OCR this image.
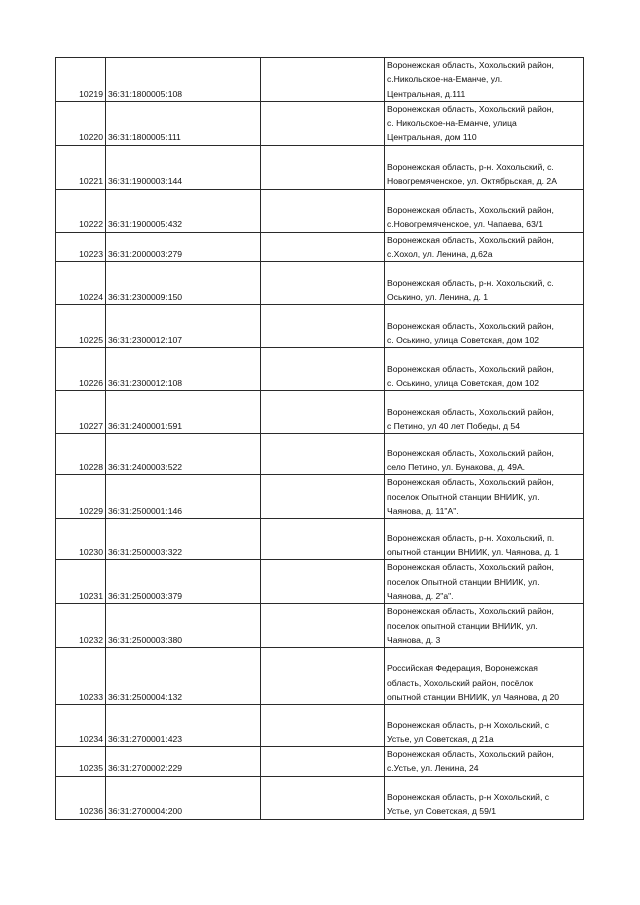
10219	36:31:1800005:108		Воронежская область, Хохольский район,
с.Никольское-на-Еманче, ул.
Центральная, д.111

10220	36:31:1800005:111		Воронежская область, Хохольский район,
с. Никольское-на-Еманче, улица
Центральная, дом 110

10221	36:31:1900003:144		Воронежская область, р-н. Хохольский, с.
Новогремяченское, ул. Октябрьская, д. 2А

10222	36:31:1900005:432		Воронежская область, Хохольский район,
с.Новогремяченское, ул. Чапаева, 63/1

10223	36:31:2000003:279		Воронежская область, Хохольский район,
с.Хохол, ул. Ленина, д.62а

10224	36:31:2300009:150		Воронежская область, р-н. Хохольский, с.
Оськино, ул. Ленина, д. 1

10225	36:31:2300012:107		Воронежская область, Хохольский район,
с. Оськино, улица Советская, дом 102

10226	36:31:2300012:108		Воронежская область, Хохольский район,
с. Оськино, улица Советская, дом 102

10227	36:31:2400001:591		Воронежская область, Хохольский район,
с Петино, ул 40 лет Победы, д 54

10228	36:31:2400003:522		Воронежская область, Хохольский район,
село Петино, ул. Бунакова, д. 49А.

10229	36:31:2500001:146		Воронежская область, Хохольский район,
поселок Опытной станции ВНИИК, ул.
Чаянова, д. 11"А".

10230	36:31:2500003:322		Воронежская область, р-н. Хохольский, п.
опытной станции ВНИИК, ул. Чаянова, д. 1

10231	36:31:2500003:379		Воронежская область, Хохольский район,
поселок Опытной станции ВНИИК, ул.
Чаянова, д. 2"а".

10232	36:31:2500003:380		Воронежская область, Хохольский район,
поселок опытной станции ВНИИК, ул.
Чаянова, д. 3

10233	36:31:2500004:132		Российская Федерация, Воронежская
область, Хохольский район, посёлок
опытной станции ВНИИК, ул Чаянова, д 20

10234	36:31:2700001:423		Воронежская область, р-н Хохольский, с
Устье, ул Советская, д 21а

10235	36:31:2700002:229		Воронежская область, Хохольский район,
с.Устье, ул. Ленина, 24

10236	36:31:2700004:200		Воронежская область, р-н Хохольский, с
Устье, ул Советская, д 59/1
